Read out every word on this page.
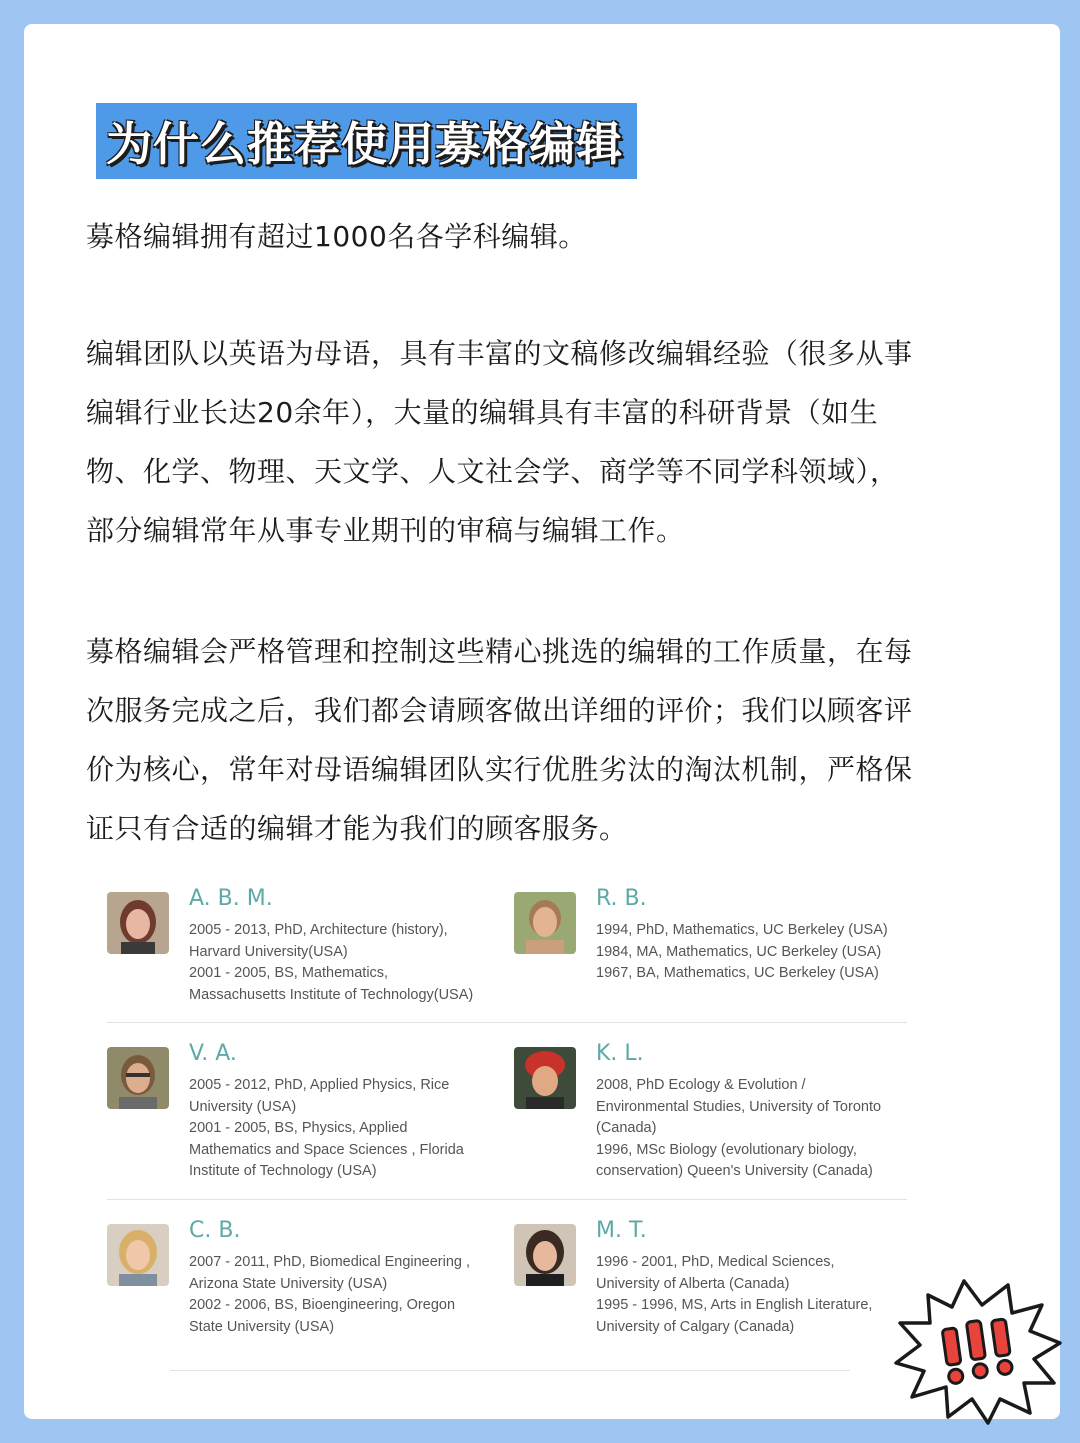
为什么推荐使用募格编辑

募格编辑拥有超过1000名各学科编辑。

编辑团队以英语为母语，具有丰富的文稿修改编辑经验（很多从事
编辑行业长达20余年），大量的编辑具有丰富的科研背景（如生
物、化学、物理、天文学、人文社会学、商学等不同学科领域），
部分编辑常年从事专业期刊的审稿与编辑工作。

募格编辑会严格管理和控制这些精心挑选的编辑的工作质量，在每
次服务完成之后，我们都会请顾客做出详细的评价；我们以顾客评
价为核心，常年对母语编辑团队实行优胜劣汰的淘汰机制，严格保
证只有合适的编辑才能为我们的顾客服务。

A. B. M.
2005 - 2013, PhD, Architecture (history),
Harvard University(USA)
2001 - 2005, BS, Mathematics,
Massachusetts Institute of Technology(USA)
R. B.
1994, PhD, Mathematics, UC Berkeley (USA)
1984, MA, Mathematics, UC Berkeley (USA)
1967, BA, Mathematics, UC Berkeley (USA)
V. A.
2005 - 2012, PhD, Applied Physics, Rice
University (USA)
2001 - 2005, BS, Physics, Applied
Mathematics and Space Sciences , Florida
Institute of Technology (USA)
K. L.
2008, PhD Ecology & Evolution /
Environmental Studies, University of Toronto
(Canada)
1996, MSc Biology (evolutionary biology,
conservation) Queen's University (Canada)
C. B.
2007 - 2011, PhD, Biomedical Engineering ,
Arizona State University (USA)
2002 - 2006, BS, Bioengineering, Oregon
State University (USA)
M. T.
1996 - 2001, PhD, Medical Sciences,
University of Alberta (Canada)
1995 - 1996, MS, Arts in English Literature,
University of Calgary (Canada)
